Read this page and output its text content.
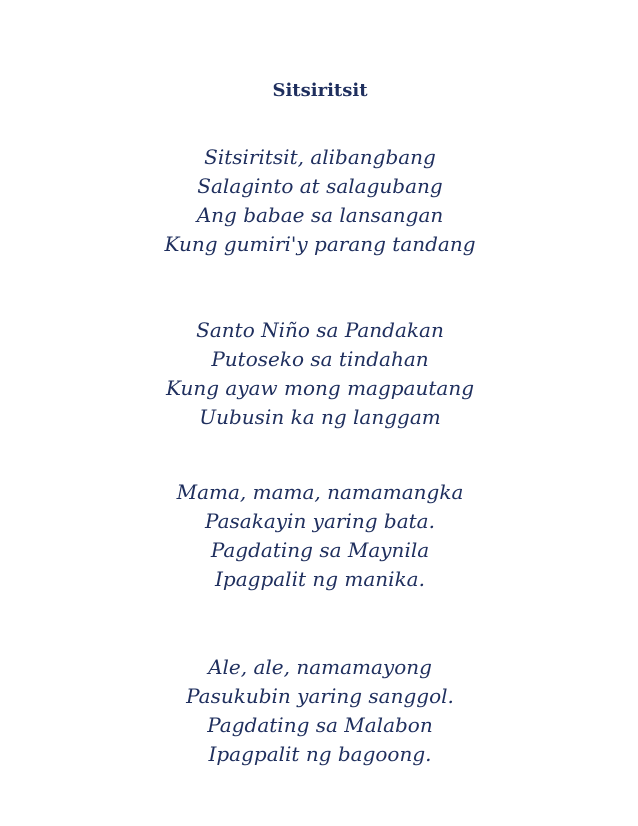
Sitsiritsit
Sitsiritsit, alibangbang
Salaginto at salagubang
Ang babae sa lansangan
Kung gumiri'y parang tandang
Santo Niño sa Pandakan
Putoseko sa tindahan
Kung ayaw mong magpautang
Uubusin ka ng langgam
Mama, mama, namamangka
Pasakayin yaring bata.
Pagdating sa Maynila
Ipagpalit ng manika.
Ale, ale, namamayong
Pasukubin yaring sanggol.
Pagdating sa Malabon
Ipagpalit ng bagoong.
